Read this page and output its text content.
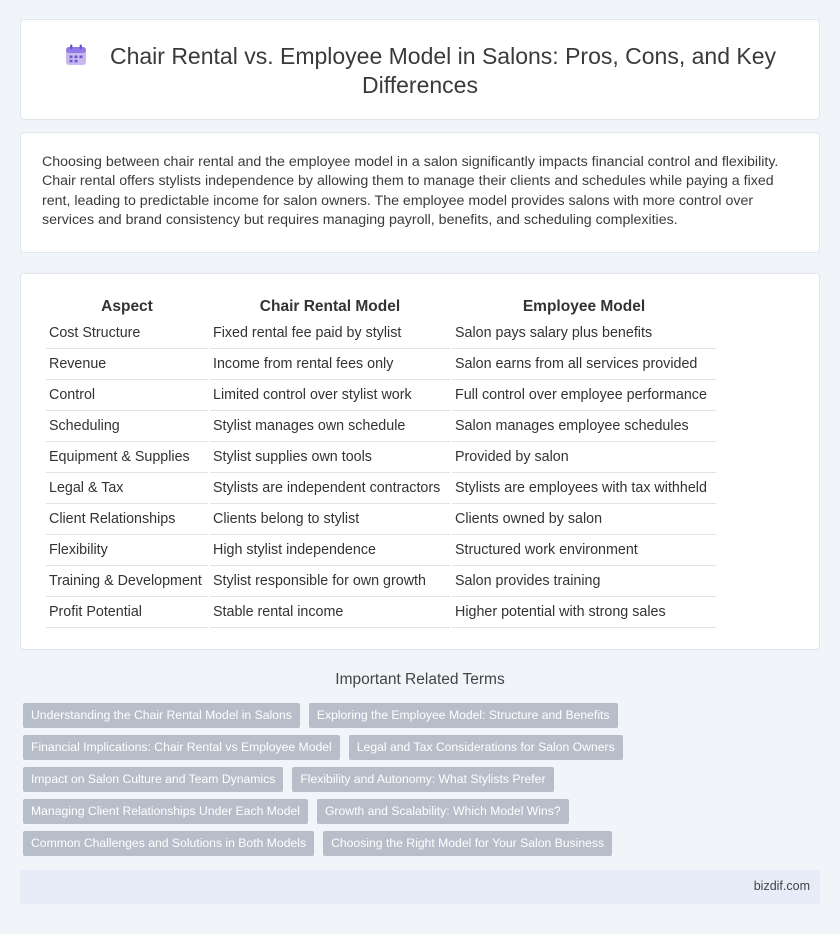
Chair Rental vs. Employee Model in Salons: Pros, Cons, and Key Differences

Choosing between chair rental and the employee model in a salon significantly impacts financial control and flexibility. Chair rental offers stylists independence by allowing them to manage their clients and schedules while paying a fixed rent, leading to predictable income for salon owners. The employee model provides salons with more control over services and brand consistency but requires managing payroll, benefits, and scheduling complexities.

Aspect	Chair Rental Model	Employee Model
Cost Structure	Fixed rental fee paid by stylist	Salon pays salary plus benefits
Revenue	Income from rental fees only	Salon earns from all services provided
Control	Limited control over stylist work	Full control over employee performance
Scheduling	Stylist manages own schedule	Salon manages employee schedules
Equipment & Supplies	Stylist supplies own tools	Provided by salon
Legal & Tax	Stylists are independent contractors	Stylists are employees with tax withheld
Client Relationships	Clients belong to stylist	Clients owned by salon
Flexibility	High stylist independence	Structured work environment
Training & Development	Stylist responsible for own growth	Salon provides training
Profit Potential	Stable rental income	Higher potential with strong sales
Important Related Terms
Understanding the Chair Rental Model in Salons Exploring the Employee Model: Structure and Benefits
Financial Implications: Chair Rental vs Employee Model Legal and Tax Considerations for Salon Owners
Impact on Salon Culture and Team Dynamics Flexibility and Autonomy: What Stylists Prefer
Managing Client Relationships Under Each Model Growth and Scalability: Which Model Wins?
Common Challenges and Solutions in Both Models Choosing the Right Model for Your Salon Business
bizdif.com
